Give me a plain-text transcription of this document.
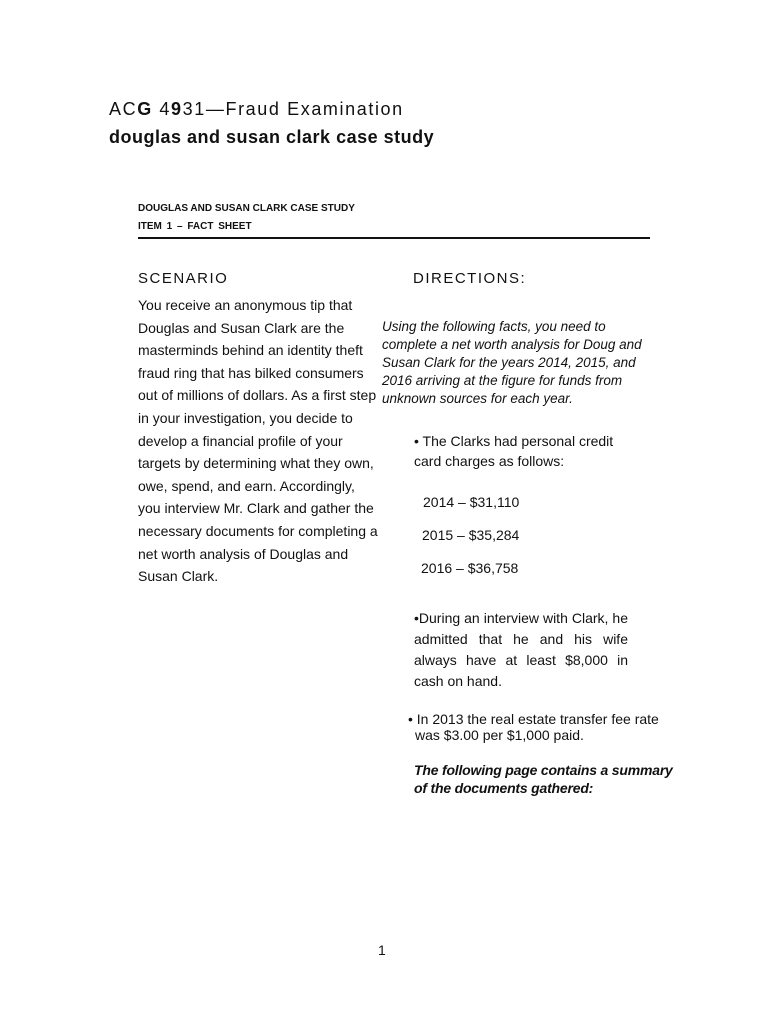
ACG 4931—Fraud Examination
douglas and susan clark case study
DOUGLAS AND SUSAN CLARK CASE STUDY
ITEM 1 – FACT SHEET
SCENARIO
You receive an anonymous tip that Douglas and Susan Clark are the masterminds behind an identity theft fraud ring that has bilked consumers out of millions of dollars. As a first step in your investigation, you decide to develop a financial profile of your targets by determining what they own, owe, spend, and earn. Accordingly, you interview Mr. Clark and gather the necessary documents for completing a net worth analysis of Douglas and Susan Clark.
DIRECTIONS:
Using the following facts, you need to complete a net worth analysis for Doug and Susan Clark for the years 2014, 2015, and 2016 arriving at the figure for funds from unknown sources for each year.
• The Clarks had personal credit card charges as follows:
2014 – $31,110
2015 – $35,284
2016 – $36,758
•During an interview with Clark, he admitted that he and his wife always have at least $8,000 in cash on hand.
• In 2013 the real estate transfer fee rate
was $3.00 per $1,000 paid.
The following page contains a summary of the documents gathered:
1
